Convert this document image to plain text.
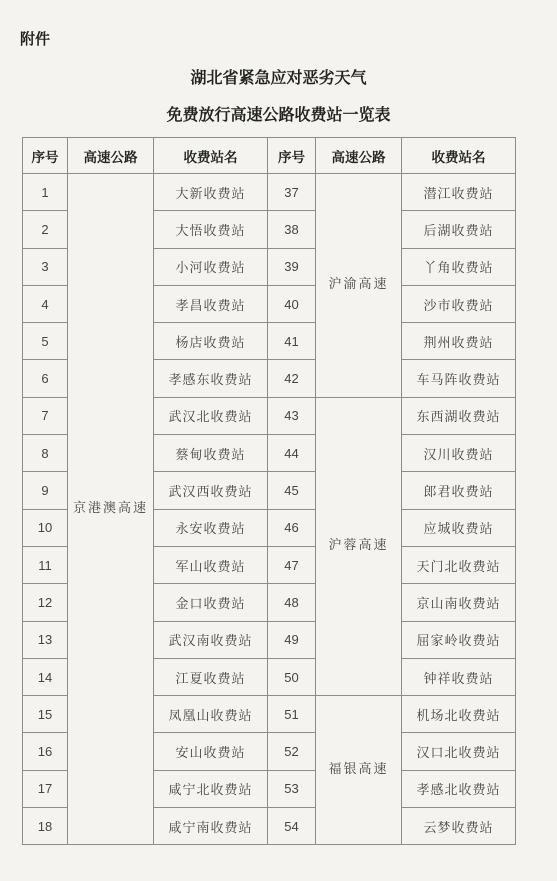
附件
湖北省紧急应对恶劣天气
免费放行高速公路收费站一览表
序号	高速公路	收费站名	序号	高速公路	收费站名
1	京港澳高速	大新收费站	37	沪渝高速	潜江收费站
2		大悟收费站	38		后湖收费站
3		小河收费站	39		丫角收费站
4		孝昌收费站	40		沙市收费站
5		杨店收费站	41		荆州收费站
6		孝感东收费站	42		车马阵收费站
7		武汉北收费站	43	沪蓉高速	东西湖收费站
8		蔡甸收费站	44		汉川收费站
9		武汉西收费站	45		郎君收费站
10		永安收费站	46		应城收费站
11		军山收费站	47		天门北收费站
12		金口收费站	48		京山南收费站
13		武汉南收费站	49		屈家岭收费站
14		江夏收费站	50		钟祥收费站
15		凤凰山收费站	51	福银高速	机场北收费站
16		安山收费站	52		汉口北收费站
17		咸宁北收费站	53		孝感北收费站
18		咸宁南收费站	54		云梦收费站
